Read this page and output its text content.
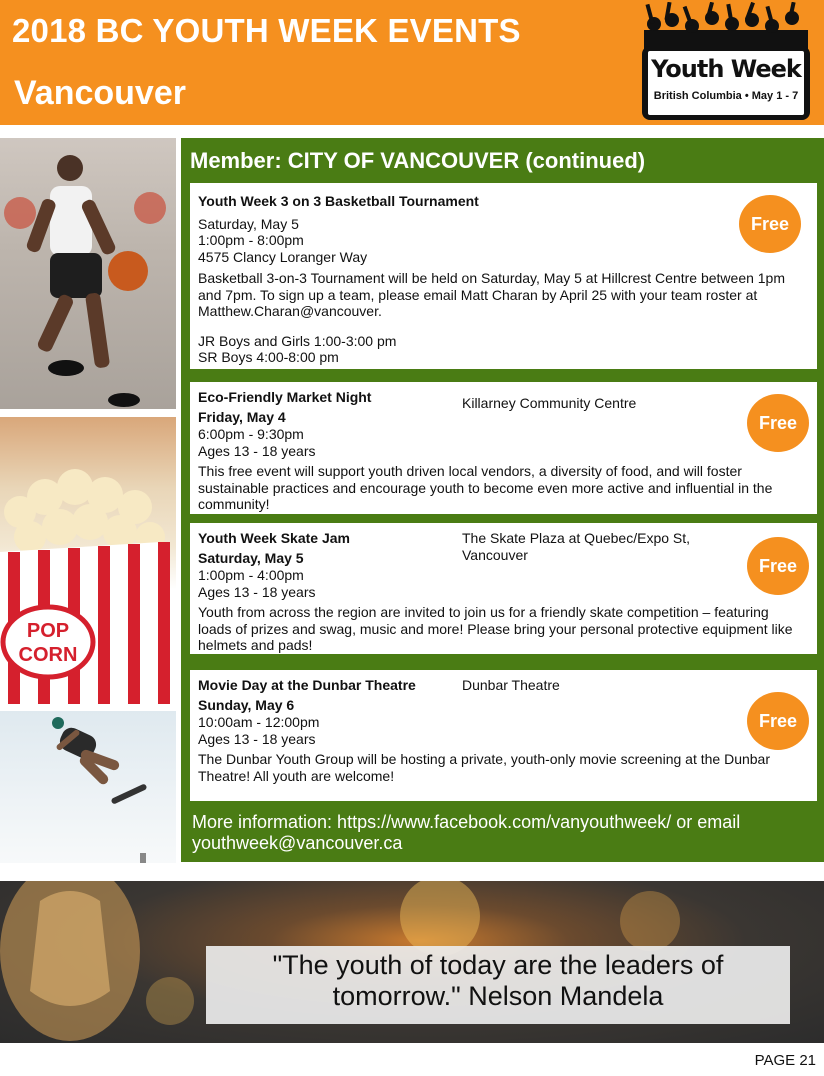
2018 BC YOUTH WEEK EVENTS
Vancouver
Youth Week
British Columbia • May 1 - 7
POP
CORN
Member: CITY OF VANCOUVER (continued)
Youth Week 3 on 3 Basketball Tournament
Saturday, May 5
1:00pm - 8:00pm
4575 Clancy Loranger Way
Basketball 3-on-3 Tournament will be held on Saturday, May 5 at Hillcrest Centre between 1pm and 7pm. To sign up a team, please email Matt Charan by April 25 with your team roster at Matthew.Charan@vancouver.
JR Boys and Girls 1:00-3:00 pm
SR Boys 4:00-8:00 pm
Free
Eco-Friendly Market Night	Killarney Community Centre
Friday, May 4
6:00pm - 9:30pm
Ages 13 - 18 years
This free event will support youth driven local vendors, a diversity of food, and will foster sustainable practices and encourage youth to become even more active and influential in the community!
Free
Youth Week Skate Jam	The Skate Plaza at Quebec/Expo St, Vancouver
Saturday, May 5
1:00pm - 4:00pm
Ages 13 - 18 years
Youth from across the region are invited to join us for a friendly skate competition – featuring loads of prizes and swag, music and more! Please bring your personal protective equipment like helmets and pads!
Free
Movie Day at the Dunbar Theatre	Dunbar Theatre
Sunday, May 6
10:00am - 12:00pm
Ages 13 - 18 years
The Dunbar Youth Group will be hosting a private, youth-only movie screening at the Dunbar Theatre! All youth are welcome!
Free
More information: https://www.facebook.com/vanyouthweek/ or email youthweek@vancouver.ca
"The youth of today are the leaders of tomorrow." Nelson Mandela
PAGE 21
